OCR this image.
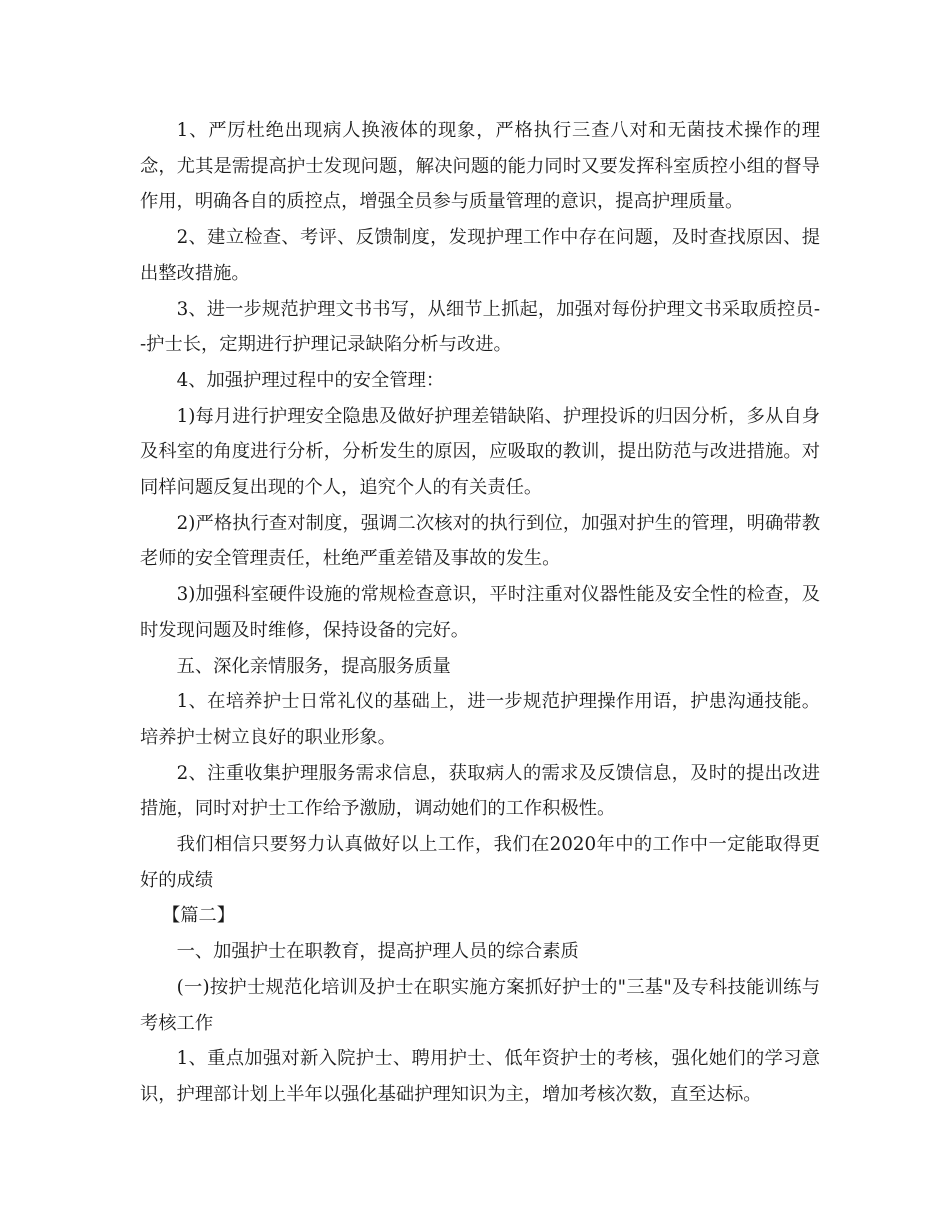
1、严厉杜绝出现病人换液体的现象，严格执行三查八对和无菌技术操作的理念，尤其是需提高护士发现问题，解决问题的能力同时又要发挥科室质控小组的督导作用，明确各自的质控点，增强全员参与质量管理的意识，提高护理质量。

2、建立检查、考评、反馈制度，发现护理工作中存在问题，及时查找原因、提出整改措施。

3、进一步规范护理文书书写，从细节上抓起，加强对每份护理文书采取质控员--护士长，定期进行护理记录缺陷分析与改进。

4、加强护理过程中的安全管理：

1)每月进行护理安全隐患及做好护理差错缺陷、护理投诉的归因分析，多从自身及科室的角度进行分析，分析发生的原因，应吸取的教训，提出防范与改进措施。对同样问题反复出现的个人，追究个人的有关责任。

2)严格执行查对制度，强调二次核对的执行到位，加强对护生的管理，明确带教老师的安全管理责任，杜绝严重差错及事故的发生。

3)加强科室硬件设施的常规检查意识，平时注重对仪器性能及安全性的检查，及时发现问题及时维修，保持设备的完好。

五、深化亲情服务，提高服务质量

1、在培养护士日常礼仪的基础上，进一步规范护理操作用语，护患沟通技能。培养护士树立良好的职业形象。

2、注重收集护理服务需求信息，获取病人的需求及反馈信息，及时的提出改进措施，同时对护士工作给予激励，调动她们的工作积极性。

我们相信只要努力认真做好以上工作，我们在2020年中的工作中一定能取得更好的成绩

【篇二】

一、加强护士在职教育，提高护理人员的综合素质

(一)按护士规范化培训及护士在职实施方案抓好护士的"三基"及专科技能训练与考核工作

1、重点加强对新入院护士、聘用护士、低年资护士的考核，强化她们的学习意识，护理部计划上半年以强化基础护理知识为主，增加考核次数，直至达标。
